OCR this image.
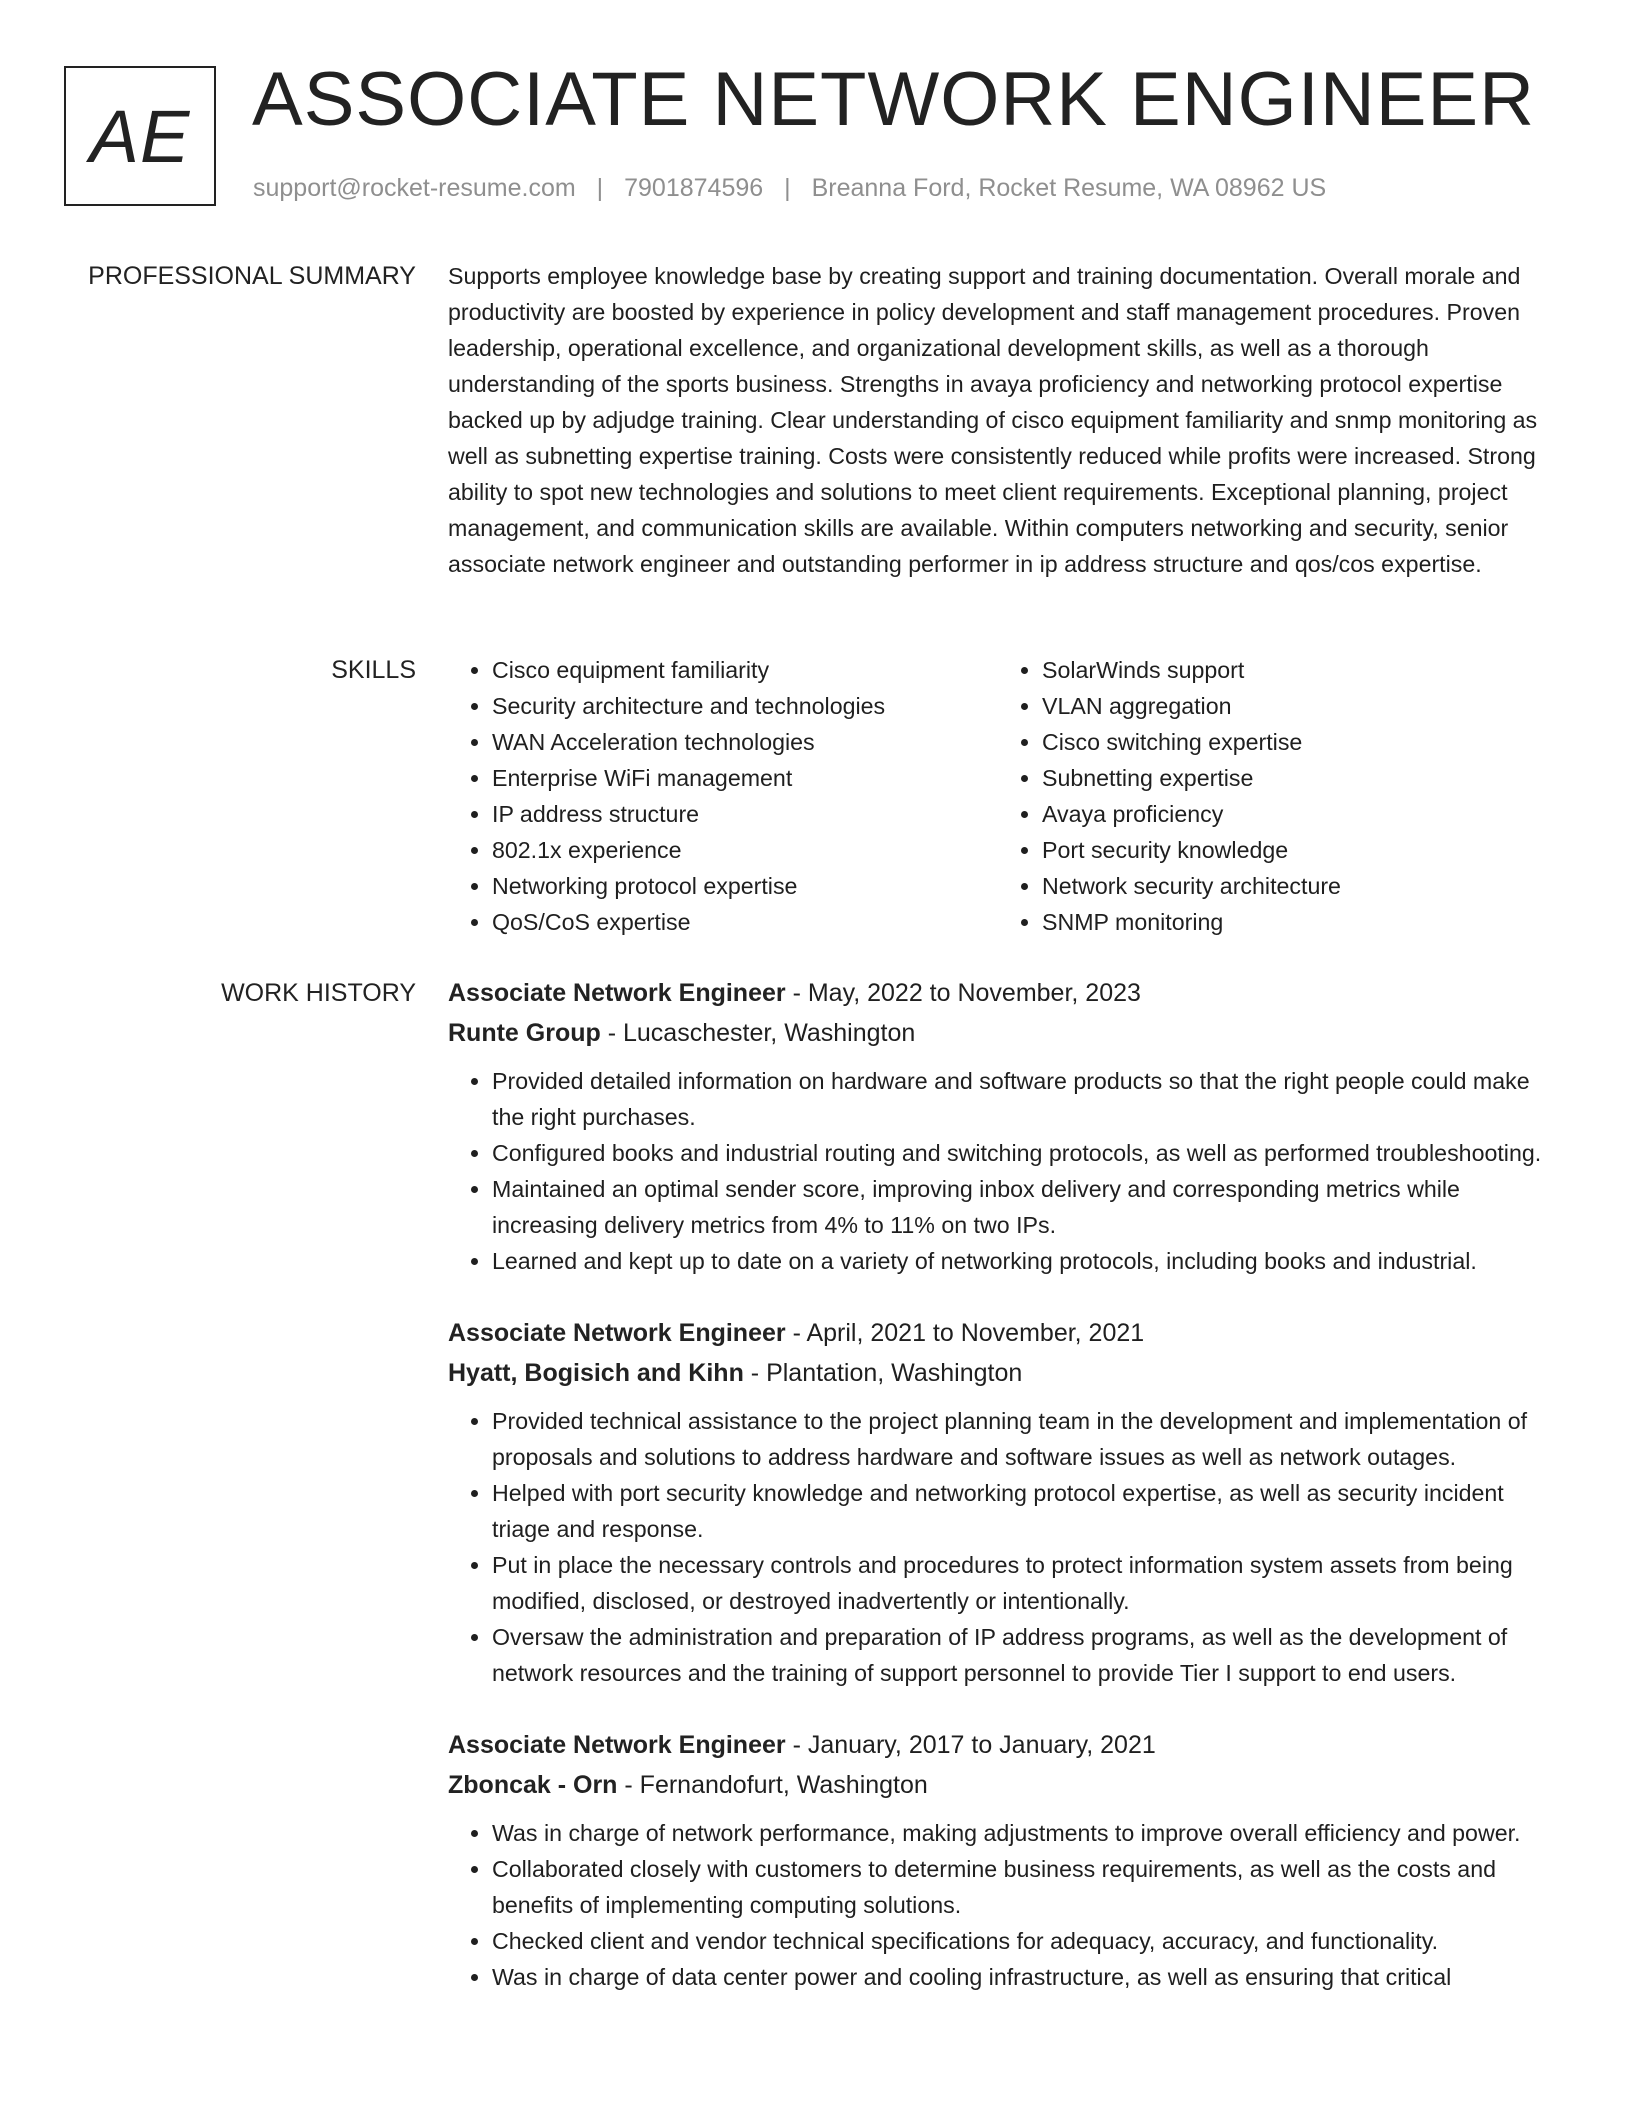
AE ASSOCIATE NETWORK ENGINEER
support@rocket-resume.com | 7901874596 | Breanna Ford, Rocket Resume, WA 08962 US
PROFESSIONAL SUMMARY Supports employee knowledge base by creating support and training documentation. Overall morale and productivity are boosted by experience in policy development and staff management procedures. Proven leadership, operational excellence, and organizational development skills, as well as a thorough understanding of the sports business. Strengths in avaya proficiency and networking protocol expertise backed up by adjudge training. Clear understanding of cisco equipment familiarity and snmp monitoring as well as subnetting expertise training. Costs were consistently reduced while profits were increased. Strong ability to spot new technologies and solutions to meet client requirements. Exceptional planning, project management, and communication skills are available. Within computers networking and security, senior associate network engineer and outstanding performer in ip address structure and qos/cos expertise.

SKILLS
•	Cisco equipment familiarity
• Security architecture and technologies
• WAN Acceleration technologies
• Enterprise WiFi management
• IP address structure
• 802.1x experience
• Networking protocol expertise
• QoS/CoS expertise
• SolarWinds support
• VLAN aggregation
• Cisco switching expertise
• Subnetting expertise
• Avaya proficiency
• Port security knowledge
• Network security architecture
• SNMP monitoring
WORK HISTORY Associate Network Engineer - May, 2022 to November, 2023
Runte Group - Lucaschester, Washington
• Provided detailed information on hardware and software products so that the right people could make the right purchases.
• Configured books and industrial routing and switching protocols, as well as performed troubleshooting.
• Maintained an optimal sender score, improving inbox delivery and corresponding metrics while increasing delivery metrics from 4% to 11% on two IPs.
• Learned and kept up to date on a variety of networking protocols, including books and industrial.
Associate Network Engineer - April, 2021 to November, 2021
Hyatt, Bogisich and Kihn - Plantation, Washington
• Provided technical assistance to the project planning team in the development and implementation of proposals and solutions to address hardware and software issues as well as network outages.
• Helped with port security knowledge and networking protocol expertise, as well as security incident triage and response.
• Put in place the necessary controls and procedures to protect information system assets from being modified, disclosed, or destroyed inadvertently or intentionally.
• Oversaw the administration and preparation of IP address programs, as well as the development of network resources and the training of support personnel to provide Tier I support to end users.
Associate Network Engineer - January, 2017 to January, 2021
Zboncak - Orn - Fernandofurt, Washington
• Was in charge of network performance, making adjustments to improve overall efficiency and power.
• Collaborated closely with customers to determine business requirements, as well as the costs and benefits of implementing computing solutions.
• Checked client and vendor technical specifications for adequacy, accuracy, and functionality.
• Was in charge of data center power and cooling infrastructure, as well as ensuring that critical
